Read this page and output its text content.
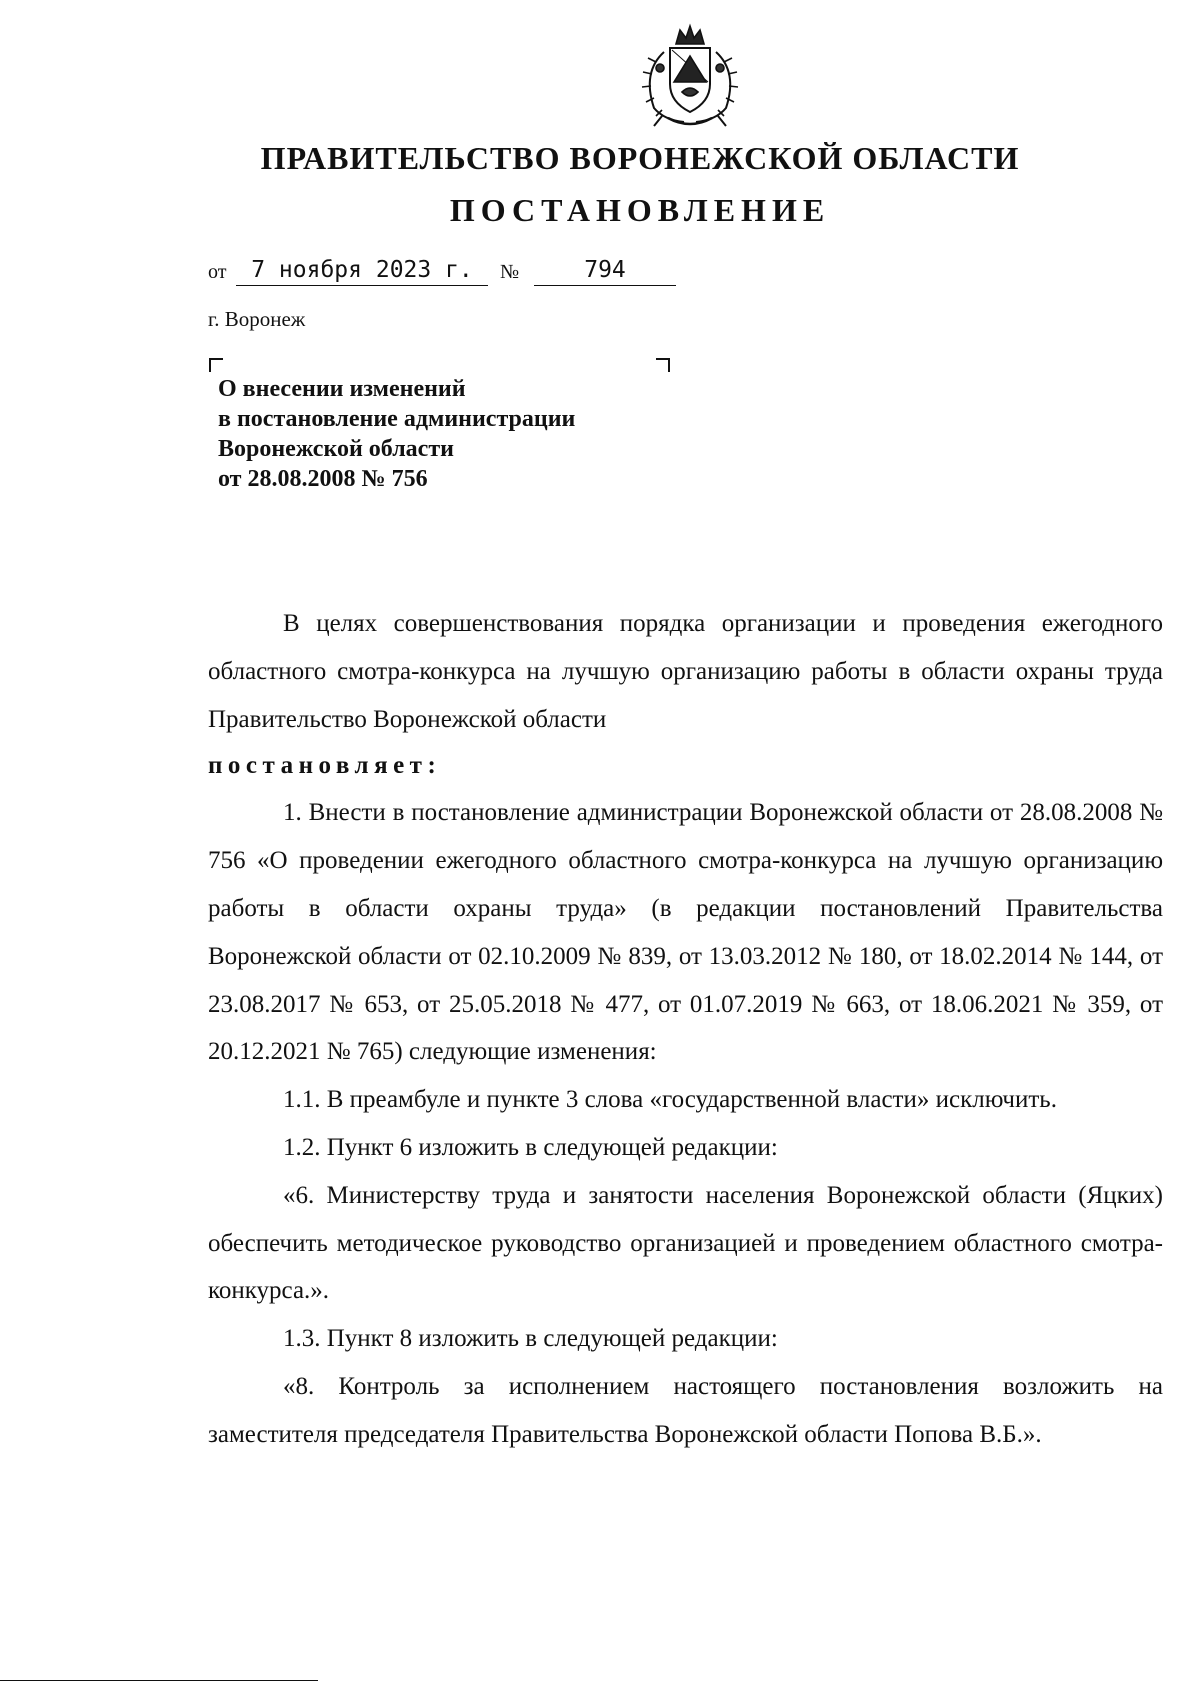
ПРАВИТЕЛЬСТВО ВОРОНЕЖСКОЙ ОБЛАСТИ
ПОСТАНОВЛЕНИЕ
от	7 ноября 2023 г.	№	794
г. Воронеж
О внесении изменений
в постановление администрации
Воронежской области
от 28.08.2008 № 756

В целях совершенствования порядка организации и проведения ежегодного областного смотра-конкурса на лучшую организацию работы в области охраны труда Правительство Воронежской области

постановляет:

1. Внести в постановление администрации Воронежской области от 28.08.2008 № 756 «О проведении ежегодного областного смотра-конкурса на лучшую организацию работы в области охраны труда» (в редакции постановлений Правительства Воронежской области от 02.10.2009 № 839, от 13.03.2012 № 180, от 18.02.2014 № 144, от 23.08.2017 № 653, от 25.05.2018 № 477, от 01.07.2019 № 663, от 18.06.2021 № 359, от 20.12.2021 № 765) следующие изменения:

1.1. В преамбуле и пункте 3 слова «государственной власти» исключить.

1.2. Пункт 6 изложить в следующей редакции:

«6. Министерству труда и занятости населения Воронежской области (Яцких) обеспечить методическое руководство организацией и проведением областного смотра-конкурса.».

1.3. Пункт 8 изложить в следующей редакции:

«8. Контроль за исполнением настоящего постановления возложить на заместителя председателя Правительства Воронежской области Попова В.Б.».
